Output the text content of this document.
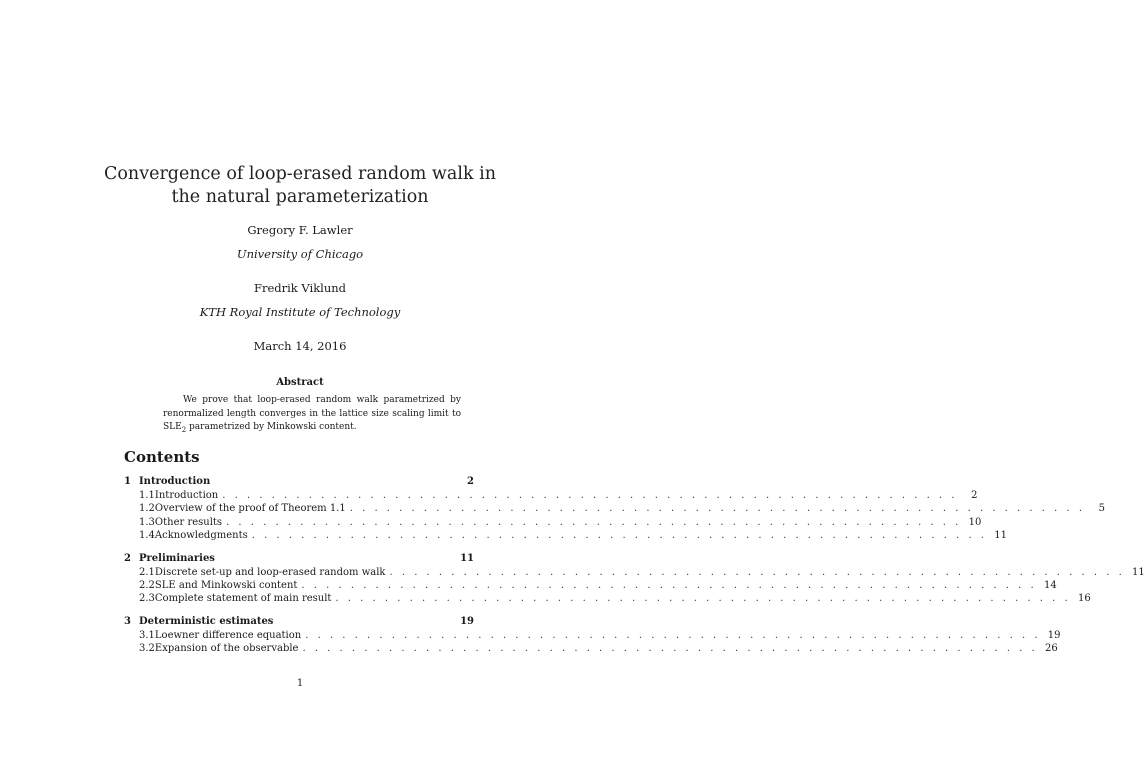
Convergence of loop-erased random walk in the natural parameterization
Gregory F. Lawler
University of Chicago
Fredrik Viklund
KTH Royal Institute of Technology
March 14, 2016
Abstract
We prove that loop-erased random walk parametrized by renormalized length converges in the lattice size scaling limit to $SLE_2$ parametrized by Minkowski content.
Contents
1 Introduction	2
1.1 Introduction . . . . . . . . . . . . . . . . . . . . . . . . . . . . . . . . . . . . . . . . . . . . . . . . . . . . . . . . . . . .	2
1.2 Overview of the proof of Theorem 1.1 . . . . . . . . . . . . . . . . . . . . . . . . . . . . . . . . . . . . . . . . . . . . . . . . . . . . . . . . . . . .	5
1.3 Other results . . . . . . . . . . . . . . . . . . . . . . . . . . . . . . . . . . . . . . . . . . . . . . . . . . . . . . . . . . . . 10
1.4 Acknowledgments . . . . . . . . . . . . . . . . . . . . . . . . . . . . . . . . . . . . . . . . . . . . . . . . . . . . . . . . . . . . 11
2 Preliminaries	11
2.1 Discrete set-up and loop-erased random walk . . . . . . . . . . . . . . . . . . . . . . . . . . . . . . . . . . . . . . . . . . . . . . . . . . . . . . . . . . . . 11
2.2 SLE and Minkowski content . . . . . . . . . . . . . . . . . . . . . . . . . . . . . . . . . . . . . . . . . . . . . . . . . . . . . . . . . . . . 14
2.3 Complete statement of main result . . . . . . . . . . . . . . . . . . . . . . . . . . . . . . . . . . . . . . . . . . . . . . . . . . . . . . . . . . . . 16
3 Deterministic estimates	19
3.1 Loewner difference equation . . . . . . . . . . . . . . . . . . . . . . . . . . . . . . . . . . . . . . . . . . . . . . . . . . . . . . . . . . . . 19
3.2 Expansion of the observable . . . . . . . . . . . . . . . . . . . . . . . . . . . . . . . . . . . . . . . . . . . . . . . . . . . . . . . . . . . . 26
1
